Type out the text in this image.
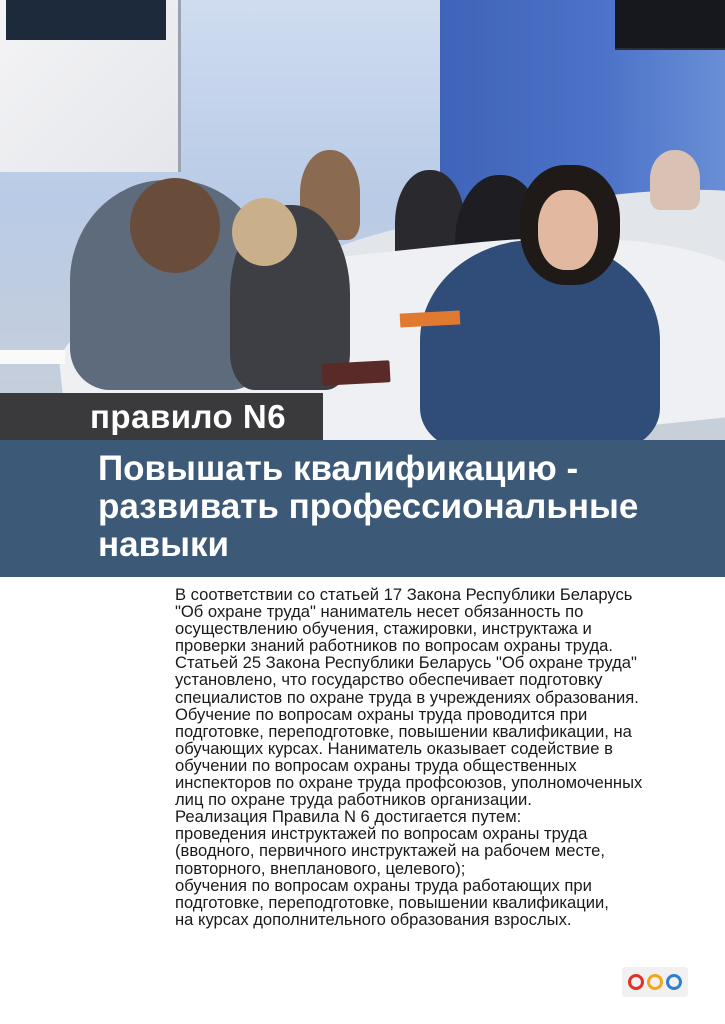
правило N6
Повышать квалификацию -
развивать профессиональные
навыки
В соответствии со статьей 17 Закона Республики Беларусь
"Об охране труда" наниматель несет обязанность по
осуществлению обучения, стажировки, инструктажа и
проверки знаний работников по вопросам охраны труда.
Статьей 25 Закона Республики Беларусь "Об охране труда"
установлено, что государство обеспечивает подготовку
специалистов по охране труда в учреждениях образования.
Обучение по вопросам охраны труда проводится при
подготовке, переподготовке, повышении квалификации, на
обучающих курсах. Наниматель оказывает содействие в
обучении по вопросам охраны труда общественных
инспекторов по охране труда профсоюзов, уполномоченных
лиц по охране труда работников организации.
Реализация Правила N 6 достигается путем:
проведения инструктажей по вопросам охраны труда
(вводного, первичного инструктажей на рабочем месте,
повторного, внепланового, целевого);
обучения по вопросам охраны труда работающих при
подготовке, переподготовке, повышении квалификации,
на курсах дополнительного образования взрослых.
